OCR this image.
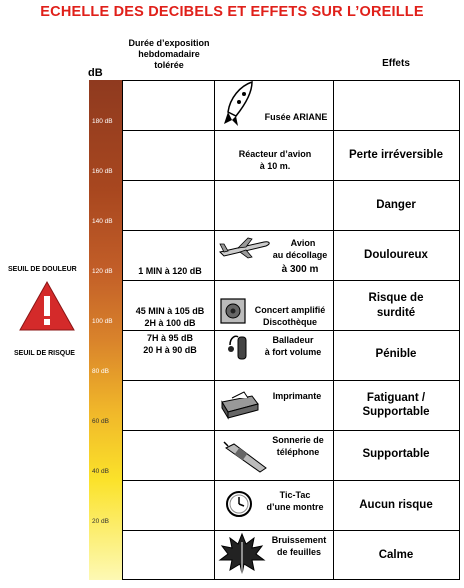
ECHELLE DES DECIBELS ET EFFETS SUR L’OREILLE
Durée d’exposition hebdomadaire tolérée	Effets
dB
180 dB
160 dB
140 dB
120 dB
100 dB
80 dB
60 dB
40 dB
20 dB
SEUIL DE DOULEUR
SEUIL DE RISQUE
1 MIN à 120 dB
45 MIN à 105 dB
2H à 100 dB
7H à 95 dB
20 H à 90 dB
Fusée ARIANE
Réacteur d’avion
à 10 m.
Avion
au décollage
à 300 m
Concert amplifié
Discothèque
Balladeur
à fort volume
Imprimante
Sonnerie de
téléphone
Tic-Tac
d’une montre
Bruissement
de feuilles
Perte irréversible
Danger
Douloureux
Risque de
surdité
Pénible
Fatiguant /
Supportable
Supportable
Aucun risque
Calme
